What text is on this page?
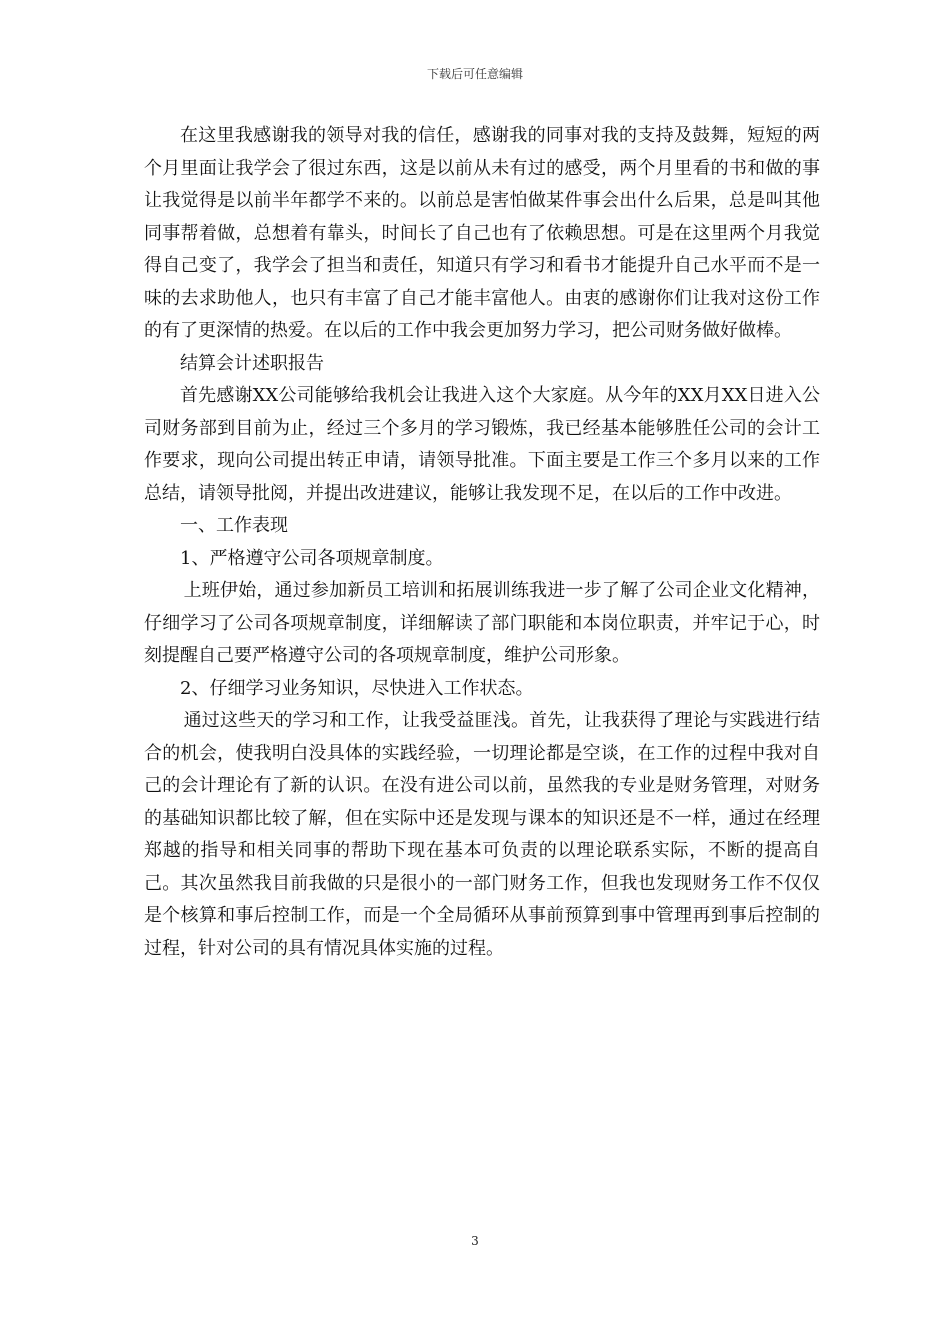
下载后可任意编辑

在这里我感谢我的领导对我的信任，感谢我的同事对我的支持及鼓舞，短短的两个月里面让我学会了很过东西，这是以前从未有过的感受，两个月里看的书和做的事让我觉得是以前半年都学不来的。以前总是害怕做某件事会出什么后果，总是叫其他同事帮着做，总想着有靠头，时间长了自己也有了依赖思想。可是在这里两个月我觉得自己变了，我学会了担当和责任，知道只有学习和看书才能提升自己水平而不是一味的去求助他人，也只有丰富了自己才能丰富他人。由衷的感谢你们让我对这份工作的有了更深情的热爱。在以后的工作中我会更加努力学习，把公司财务做好做棒。

结算会计述职报告

首先感谢XX公司能够给我机会让我进入这个大家庭。从今年的XX月XX日进入公司财务部到目前为止，经过三个多月的学习锻炼，我已经基本能够胜任公司的会计工作要求，现向公司提出转正申请，请领导批准。下面主要是工作三个多月以来的工作总结，请领导批阅，并提出改进建议，能够让我发现不足，在以后的工作中改进。

一、工作表现

1、严格遵守公司各项规章制度。

上班伊始，通过参加新员工培训和拓展训练我进一步了解了公司企业文化精神，仔细学习了公司各项规章制度，详细解读了部门职能和本岗位职责，并牢记于心，时刻提醒自己要严格遵守公司的各项规章制度，维护公司形象。

2、仔细学习业务知识，尽快进入工作状态。

通过这些天的学习和工作，让我受益匪浅。首先，让我获得了理论与实践进行结合的机会，使我明白没具体的实践经验，一切理论都是空谈，在工作的过程中我对自己的会计理论有了新的认识。在没有进公司以前，虽然我的专业是财务管理，对财务的基础知识都比较了解，但在实际中还是发现与课本的知识还是不一样，通过在经理郑越的指导和相关同事的帮助下现在基本可负责的以理论联系实际，不断的提高自己。其次虽然我目前我做的只是很小的一部门财务工作，但我也发现财务工作不仅仅是个核算和事后控制工作，而是一个全局循环从事前预算到事中管理再到事后控制的过程，针对公司的具有情况具体实施的过程。

3
